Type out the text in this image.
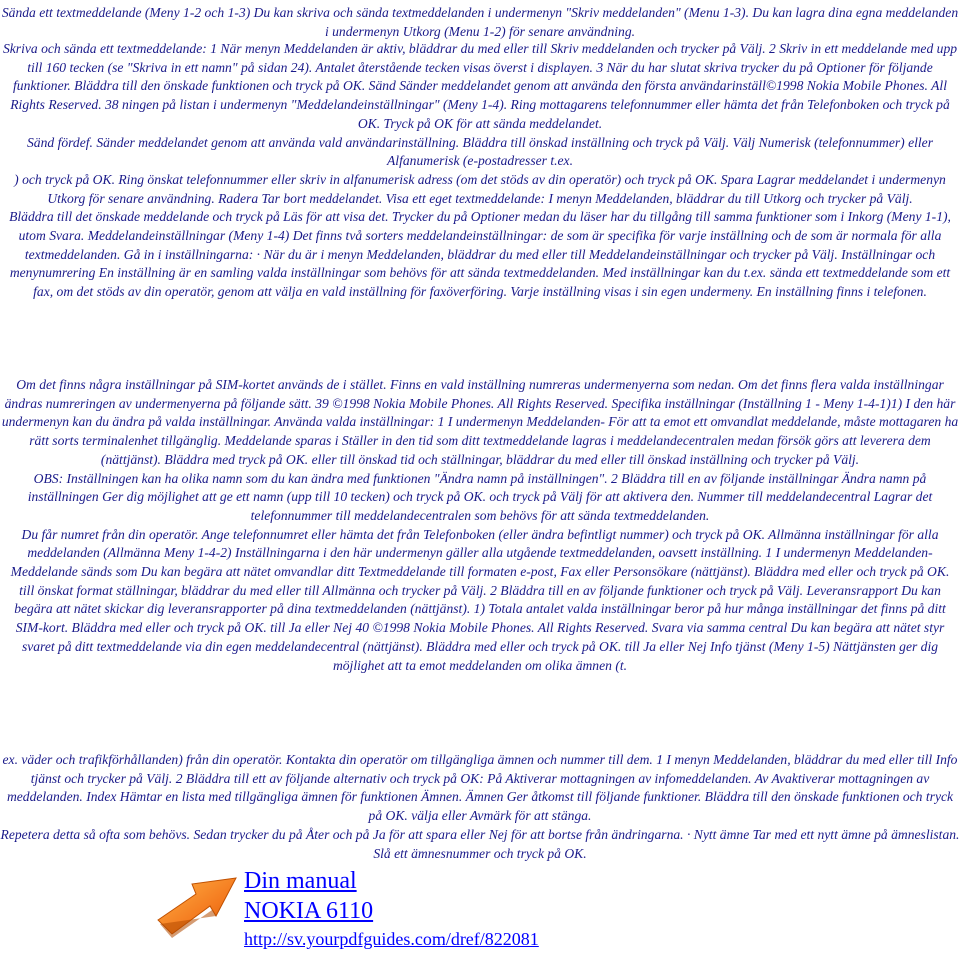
Sända ett textmeddelande (Meny 1-2 och 1-3) Du kan skriva och sända textmeddelanden i undermenyn "Skriv meddelanden" (Menu 1-3). Du kan lagra dina egna meddelanden i undermenyn Utkorg (Menu 1-2) för senare användning.

Skriva och sända ett textmeddelande: 1 När menyn Meddelanden är aktiv, bläddrar du med eller till Skriv meddelanden och trycker på Välj. 2 Skriv in ett meddelande med upp till 160 tecken (se "Skriva in ett namn" på sidan 24). Antalet återstående tecken visas överst i displayen. 3 När du har slutat skriva trycker du på Optioner för följande funktioner. Bläddra till den önskade funktionen och tryck på OK. Sänd Sänder meddelandet genom att använda den första användarinställ©1998 Nokia Mobile Phones. All Rights Reserved. 38 ningen på listan i undermenyn "Meddelandeinställningar" (Meny 1-4). Ring mottagarens telefonnummer eller hämta det från Telefonboken och tryck på OK. Tryck på OK för att sända meddelandet.

Sänd fördef. Sänder meddelandet genom att använda vald användarinställning. Bläddra till önskad inställning och tryck på Välj. Välj Numerisk (telefonnummer) eller Alfanumerisk (e-postadresser t.ex.

) och tryck på OK. Ring önskat telefonnummer eller skriv in alfanumerisk adress (om det stöds av din operatör) och tryck på OK. Spara Lagrar meddelandet i undermenyn Utkorg för senare användning. Radera Tar bort meddelandet. Visa ett eget textmeddelande: I menyn Meddelanden, bläddrar du till Utkorg och trycker på Välj.

Bläddra till det önskade meddelande och tryck på Läs för att visa det. Trycker du på Optioner medan du läser har du tillgång till samma funktioner som i Inkorg (Meny 1-1), utom Svara. Meddelandeinställningar (Meny 1-4) Det finns två sorters meddelandeinställningar: de som är specifika för varje inställning och de som är normala för alla textmeddelanden. Gå in i inställningarna: · När du är i menyn Meddelanden, bläddrar du med eller till Meddelandeinställningar och trycker på Välj. Inställningar och menynumrering En inställning är en samling valda inställningar som behövs för att sända textmeddelanden. Med inställningar kan du t.ex. sända ett textmeddelande som ett fax, om det stöds av din operatör, genom att välja en vald inställning för faxöverföring. Varje inställning visas i sin egen undermeny. En inställning finns i telefonen.

Om det finns några inställningar på SIM-kortet används de i stället. Finns en vald inställning numreras undermenyerna som nedan. Om det finns flera valda inställningar ändras numreringen av undermenyerna på följande sätt. 39 ©1998 Nokia Mobile Phones. All Rights Reserved. Specifika inställningar (Inställning 1 - Meny 1-4-1)1) I den här undermenyn kan du ändra på valda inställningar. Använda valda inställningar: 1 I undermenyn Meddelanden- För att ta emot ett omvandlat meddelande, måste mottagaren ha rätt sorts terminalenhet tillgänglig. Meddelande sparas i Ställer in den tid som ditt textmeddelande lagras i meddelandecentralen medan försök görs att leverera dem (nättjänst). Bläddra med tryck på OK. eller till önskad tid och ställningar, bläddrar du med eller till önskad inställning och trycker på Välj.

OBS: Inställningen kan ha olika namn som du kan ändra med funktionen "Ändra namn på inställningen". 2 Bläddra till en av följande inställningar Ändra namn på inställningen Ger dig möjlighet att ge ett namn (upp till 10 tecken) och tryck på OK. och tryck på Välj för att aktivera den. Nummer till meddelandecentral Lagrar det telefonnummer till meddelandecentralen som behövs för att sända textmeddelanden.

Du får numret från din operatör. Ange telefonnumret eller hämta det från Telefonboken (eller ändra befintligt nummer) och tryck på OK. Allmänna inställningar för alla meddelanden (Allmänna Meny 1-4-2) Inställningarna i den här undermenyn gäller alla utgående textmeddelanden, oavsett inställning. 1 I undermenyn Meddelanden- Meddelande sänds som Du kan begära att nätet omvandlar ditt Textmeddelande till formaten e-post, Fax eller Personsökare (nättjänst). Bläddra med eller och tryck på OK.

till önskat format ställningar, bläddrar du med eller till Allmänna och trycker på Välj. 2 Bläddra till en av följande funktioner och tryck på Välj. Leveransrapport Du kan begära att nätet skickar dig leveransrapporter på dina textmeddelanden (nättjänst). 1) Totala antalet valda inställningar beror på hur många inställningar det finns på ditt SIM-kort. Bläddra med eller och tryck på OK. till Ja eller Nej 40 ©1998 Nokia Mobile Phones. All Rights Reserved. Svara via samma central Du kan begära att nätet styr svaret på ditt textmeddelande via din egen meddelandecentral (nättjänst). Bläddra med eller och tryck på OK. till Ja eller Nej Info tjänst (Meny 1-5) Nättjänsten ger dig möjlighet att ta emot meddelanden om olika ämnen (t.

ex. väder och trafikförhållanden) från din operatör. Kontakta din operatör om tillgängliga ämnen och nummer till dem. 1 I menyn Meddelanden, bläddrar du med eller till Info tjänst och trycker på Välj. 2 Bläddra till ett av följande alternativ och tryck på OK: På Aktiverar mottagningen av infomeddelanden. Av Avaktiverar mottagningen av meddelanden. Index Hämtar en lista med tillgängliga ämnen för funktionen Ämnen. Ämnen Ger åtkomst till följande funktioner. Bläddra till den önskade funktionen och tryck på OK. välja eller Avmärk för att stänga.

Repetera detta så ofta som behövs. Sedan trycker du på Åter och på Ja för att spara eller Nej för att bortse från ändringarna. · Nytt ämne Tar med ett nytt ämne på ämneslistan. Slå ett ämnesnummer och tryck på OK.

Din manual
NOKIA 6110
http://sv.yourpdfguides.com/dref/822081
